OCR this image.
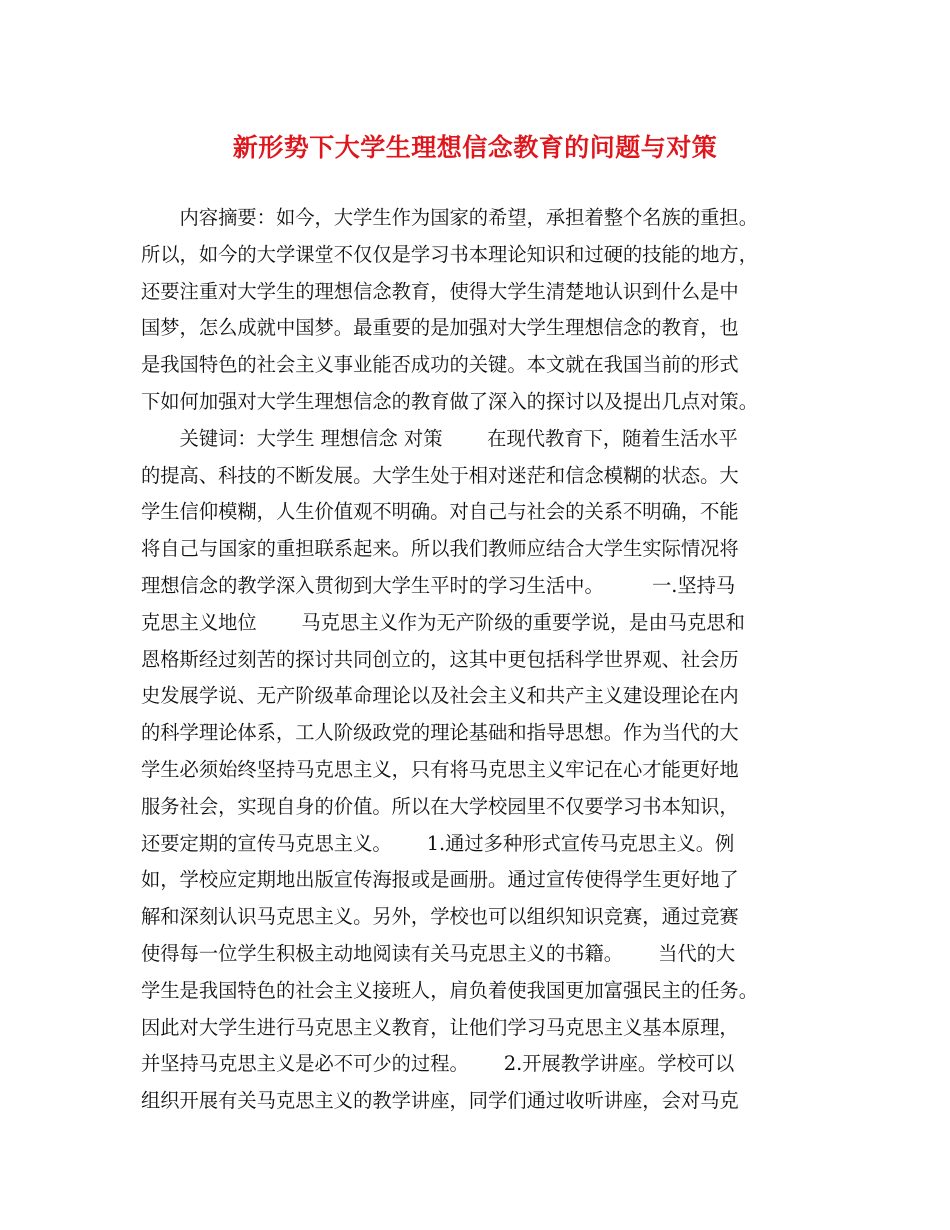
新形势下大学生理想信念教育的问题与对策
　　内容摘要：如今，大学生作为国家的希望，承担着整个名族的重担。
所以，如今的大学课堂不仅仅是学习书本理论知识和过硬的技能的地方，
还要注重对大学生的理想信念教育，使得大学生清楚地认识到什么是中
国梦，怎么成就中国梦。最重要的是加强对大学生理想信念的教育，也
是我国特色的社会主义事业能否成功的关键。本文就在我国当前的形式
下如何加强对大学生理想信念的教育做了深入的探讨以及提出几点对策。
　　关键词：大学生 理想信念 对策　　 在现代教育下，随着生活水平
的提高、科技的不断发展。大学生处于相对迷茫和信念模糊的状态。大
学生信仰模糊，人生价值观不明确。对自己与社会的关系不明确，不能
将自己与国家的重担联系起来。所以我们教师应结合大学生实际情况将
理想信念的教学深入贯彻到大学生平时的学习生活中。　　　一.坚持马
克思主义地位　　 马克思主义作为无产阶级的重要学说，是由马克思和
恩格斯经过刻苦的探讨共同创立的，这其中更包括科学世界观、社会历
史发展学说、无产阶级革命理论以及社会主义和共产主义建设理论在内
的科学理论体系，工人阶级政党的理论基础和指导思想。作为当代的大
学生必须始终坚持马克思主义，只有将马克思主义牢记在心才能更好地
服务社会，实现自身的价值。所以在大学校园里不仅要学习书本知识，
还要定期的宣传马克思主义。　　 1.通过多种形式宣传马克思主义。例
如，学校应定期地出版宣传海报或是画册。通过宣传使得学生更好地了
解和深刻认识马克思主义。另外，学校也可以组织知识竞赛，通过竞赛
使得每一位学生积极主动地阅读有关马克思主义的书籍。　　 当代的大
学生是我国特色的社会主义接班人，肩负着使我国更加富强民主的任务。
因此对大学生进行马克思主义教育，让他们学习马克思主义基本原理，
并坚持马克思主义是必不可少的过程。　　 2.开展教学讲座。学校可以
组织开展有关马克思主义的教学讲座，同学们通过收听讲座，会对马克
